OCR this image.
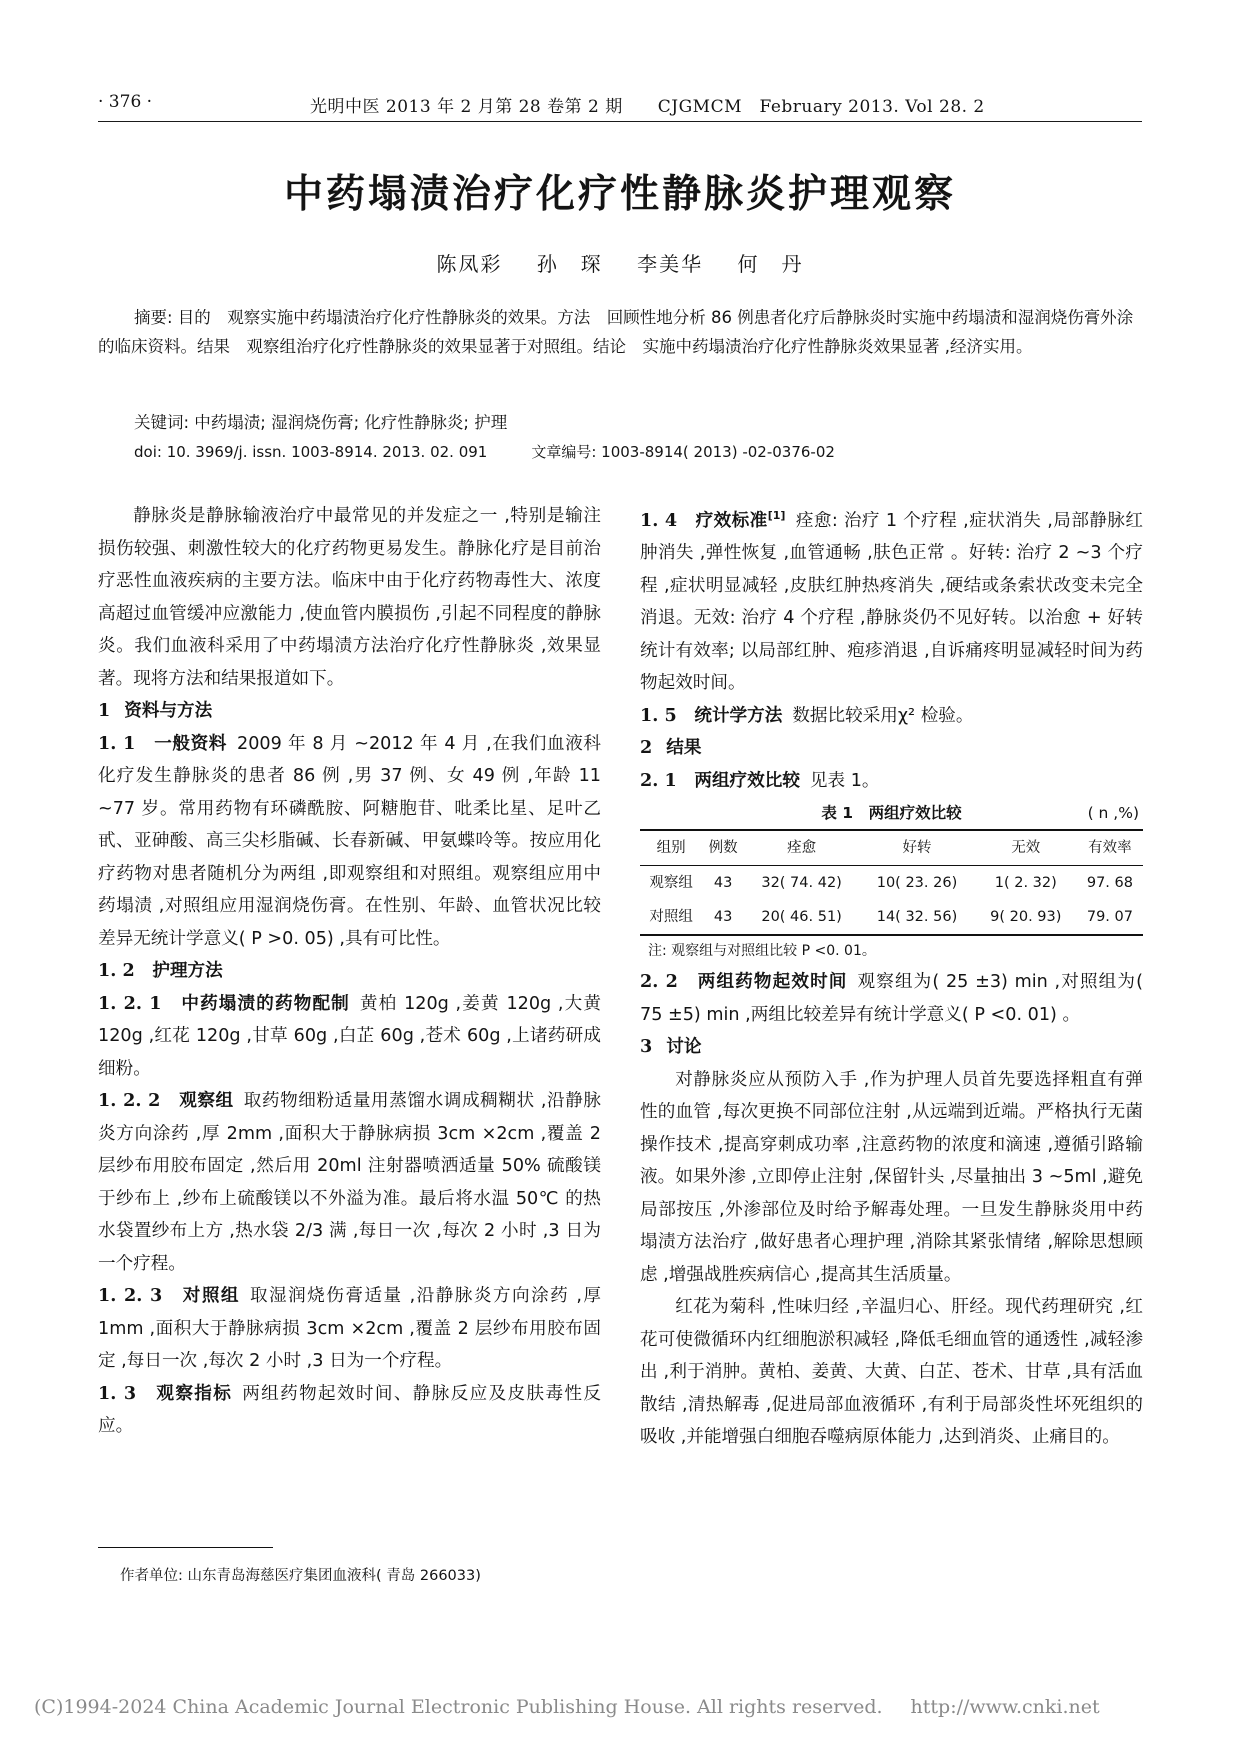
· 376 ·	光明中医 2013 年 2 月第 28 卷第 2 期　　CJGMCM　February 2013. Vol 28. 2
中药塌渍治疗化疗性静脉炎护理观察
陈凤彩 孙　琛 李美华 何　丹
摘要: 目的　观察实施中药塌渍治疗化疗性静脉炎的效果。方法　回顾性地分析 86 例患者化疗后静脉炎时实施中药塌渍和湿润烧伤膏外涂的临床资料。结果　观察组治疗化疗性静脉炎的效果显著于对照组。结论　实施中药塌渍治疗化疗性静脉炎效果显著 ,经济实用。
关键词: 中药塌渍; 湿润烧伤膏; 化疗性静脉炎; 护理
doi: 10. 3969/j. issn. 1003-8914. 2013. 02. 091	文章编号: 1003-8914( 2013) -02-0376-02
静脉炎是静脉输液治疗中最常见的并发症之一 ,特别是输注损伤较强、刺激性较大的化疗药物更易发生。静脉化疗是目前治疗恶性血液疾病的主要方法。临床中由于化疗药物毒性大、浓度高超过血管缓冲应激能力 ,使血管内膜损伤 ,引起不同程度的静脉炎。我们血液科采用了中药塌渍方法治疗化疗性静脉炎 ,效果显著。现将方法和结果报道如下。
1 资料与方法
1. 1　 一般资料 2009 年 8 月 ~2012 年 4 月 ,在我们血液科化疗发生静脉炎的患者 86 例 ,男 37 例、女 49 例 ,年龄 11 ~77 岁。常用药物有环磷酰胺、阿糖胞苷、吡柔比星、足叶乙甙、亚砷酸、高三尖杉脂碱、长春新碱、甲氨蝶呤等。按应用化疗药物对患者随机分为两组 ,即观察组和对照组。观察组应用中药塌渍 ,对照组应用湿润烧伤膏。在性别、年龄、血管状况比较差异无统计学意义( P >0. 05) ,具有可比性。
1. 2　 护理方法
1. 2. 1　 中药塌渍的药物配制 黄柏 120g ,姜黄 120g ,大黄 120g ,红花 120g ,甘草 60g ,白芷 60g ,苍术 60g ,上诸药研成细粉。
1. 2. 2　 观察组 取药物细粉适量用蒸馏水调成稠糊状 ,沿静脉炎方向涂药 ,厚 2mm ,面积大于静脉病损 3cm ×2cm ,覆盖 2 层纱布用胶布固定 ,然后用 20ml 注射器喷洒适量 50% 硫酸镁于纱布上 ,纱布上硫酸镁以不外溢为准。最后将水温 50℃ 的热水袋置纱布上方 ,热水袋 2/3 满 ,每日一次 ,每次 2 小时 ,3 日为一个疗程。
1. 2. 3　 对照组 取湿润烧伤膏适量 ,沿静脉炎方向涂药 ,厚 1mm ,面积大于静脉病损 3cm ×2cm ,覆盖 2 层纱布用胶布固定 ,每日一次 ,每次 2 小时 ,3 日为一个疗程。
1. 3　 观察指标 两组药物起效时间、静脉反应及皮肤毒性反应。
1. 4　 疗效标准[1] 痊愈: 治疗 1 个疗程 ,症状消失 ,局部静脉红肿消失 ,弹性恢复 ,血管通畅 ,肤色正常 。好转: 治疗 2 ~3 个疗程 ,症状明显减轻 ,皮肤红肿热疼消失 ,硬结或条索状改变未完全消退。无效: 治疗 4 个疗程 ,静脉炎仍不见好转。以治愈 + 好转统计有效率; 以局部红肿、疱疹消退 ,自诉痛疼明显减轻时间为药物起效时间。
1. 5　 统计学方法 数据比较采用χ² 检验。
2 结果
2. 1　 两组疗效比较 见表 1。
表 1　两组疗效比较	( n ,%)
组别	例数	痊愈	好转	无效	有效率
观察组	43	32( 74. 42)	10( 23. 26)	1( 2. 32)	97. 68
对照组	43	20( 46. 51)	14( 32. 56)	9( 20. 93)	79. 07
注: 观察组与对照组比较 P <0. 01。
2. 2　 两组药物起效时间 观察组为( 25 ±3) min ,对照组为( 75 ±5) min ,两组比较差异有统计学意义( P <0. 01) 。
3 讨论
对静脉炎应从预防入手 ,作为护理人员首先要选择粗直有弹性的血管 ,每次更换不同部位注射 ,从远端到近端。严格执行无菌操作技术 ,提高穿刺成功率 ,注意药物的浓度和滴速 ,遵循引路输液。如果外渗 ,立即停止注射 ,保留针头 ,尽量抽出 3 ~5ml ,避免局部按压 ,外渗部位及时给予解毒处理。一旦发生静脉炎用中药塌渍方法治疗 ,做好患者心理护理 ,消除其紧张情绪 ,解除思想顾虑 ,增强战胜疾病信心 ,提高其生活质量。
红花为菊科 ,性味归经 ,辛温归心、肝经。现代药理研究 ,红花可使微循环内红细胞淤积减轻 ,降低毛细血管的通透性 ,减轻渗出 ,利于消肿。黄柏、姜黄、大黄、白芷、苍术、甘草 ,具有活血散结 ,清热解毒 ,促进局部血液循环 ,有利于局部炎性坏死组织的吸收 ,并能增强白细胞吞噬病原体能力 ,达到消炎、止痛目的。
作者单位: 山东青岛海慈医疗集团血液科( 青岛 266033)
(C)1994-2024 China Academic Journal Electronic Publishing House. All rights reserved. http://www.cnki.net
